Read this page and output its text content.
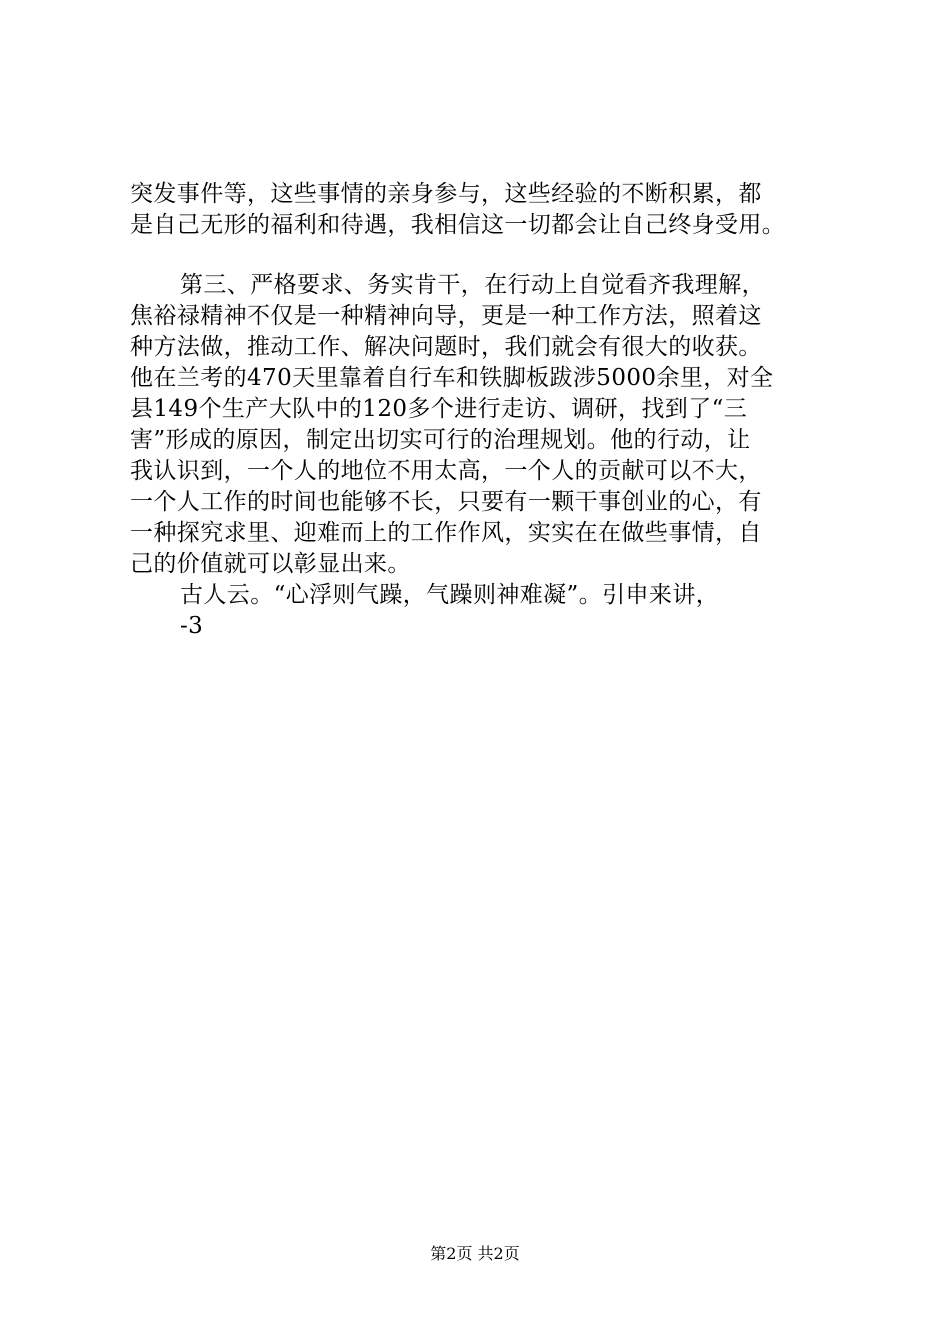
突发事件等，这些事情的亲身参与，这些经验的不断积累，都

是自己无形的福利和待遇，我相信这一切都会让自己终身受用。

第三、严格要求、务实肯干，在行动上自觉看齐我理解，

焦裕禄精神不仅是一种精神向导，更是一种工作方法，照着这

种方法做，推动工作、解决问题时，我们就会有很大的收获。

他在兰考的470天里靠着自行车和铁脚板跋涉5000余里，对全

县149个生产大队中的120多个进行走访、调研，找到了“三

害”形成的原因，制定出切实可行的治理规划。他的行动，让

我认识到，一个人的地位不用太高，一个人的贡献可以不大，

一个人工作的时间也能够不长，只要有一颗干事创业的心，有

一种探究求里、迎难而上的工作作风，实实在在做些事情，自

己的价值就可以彰显出来。

古人云。“心浮则气躁，气躁则神难凝”。引申来讲，

-3

第2页 共2页
